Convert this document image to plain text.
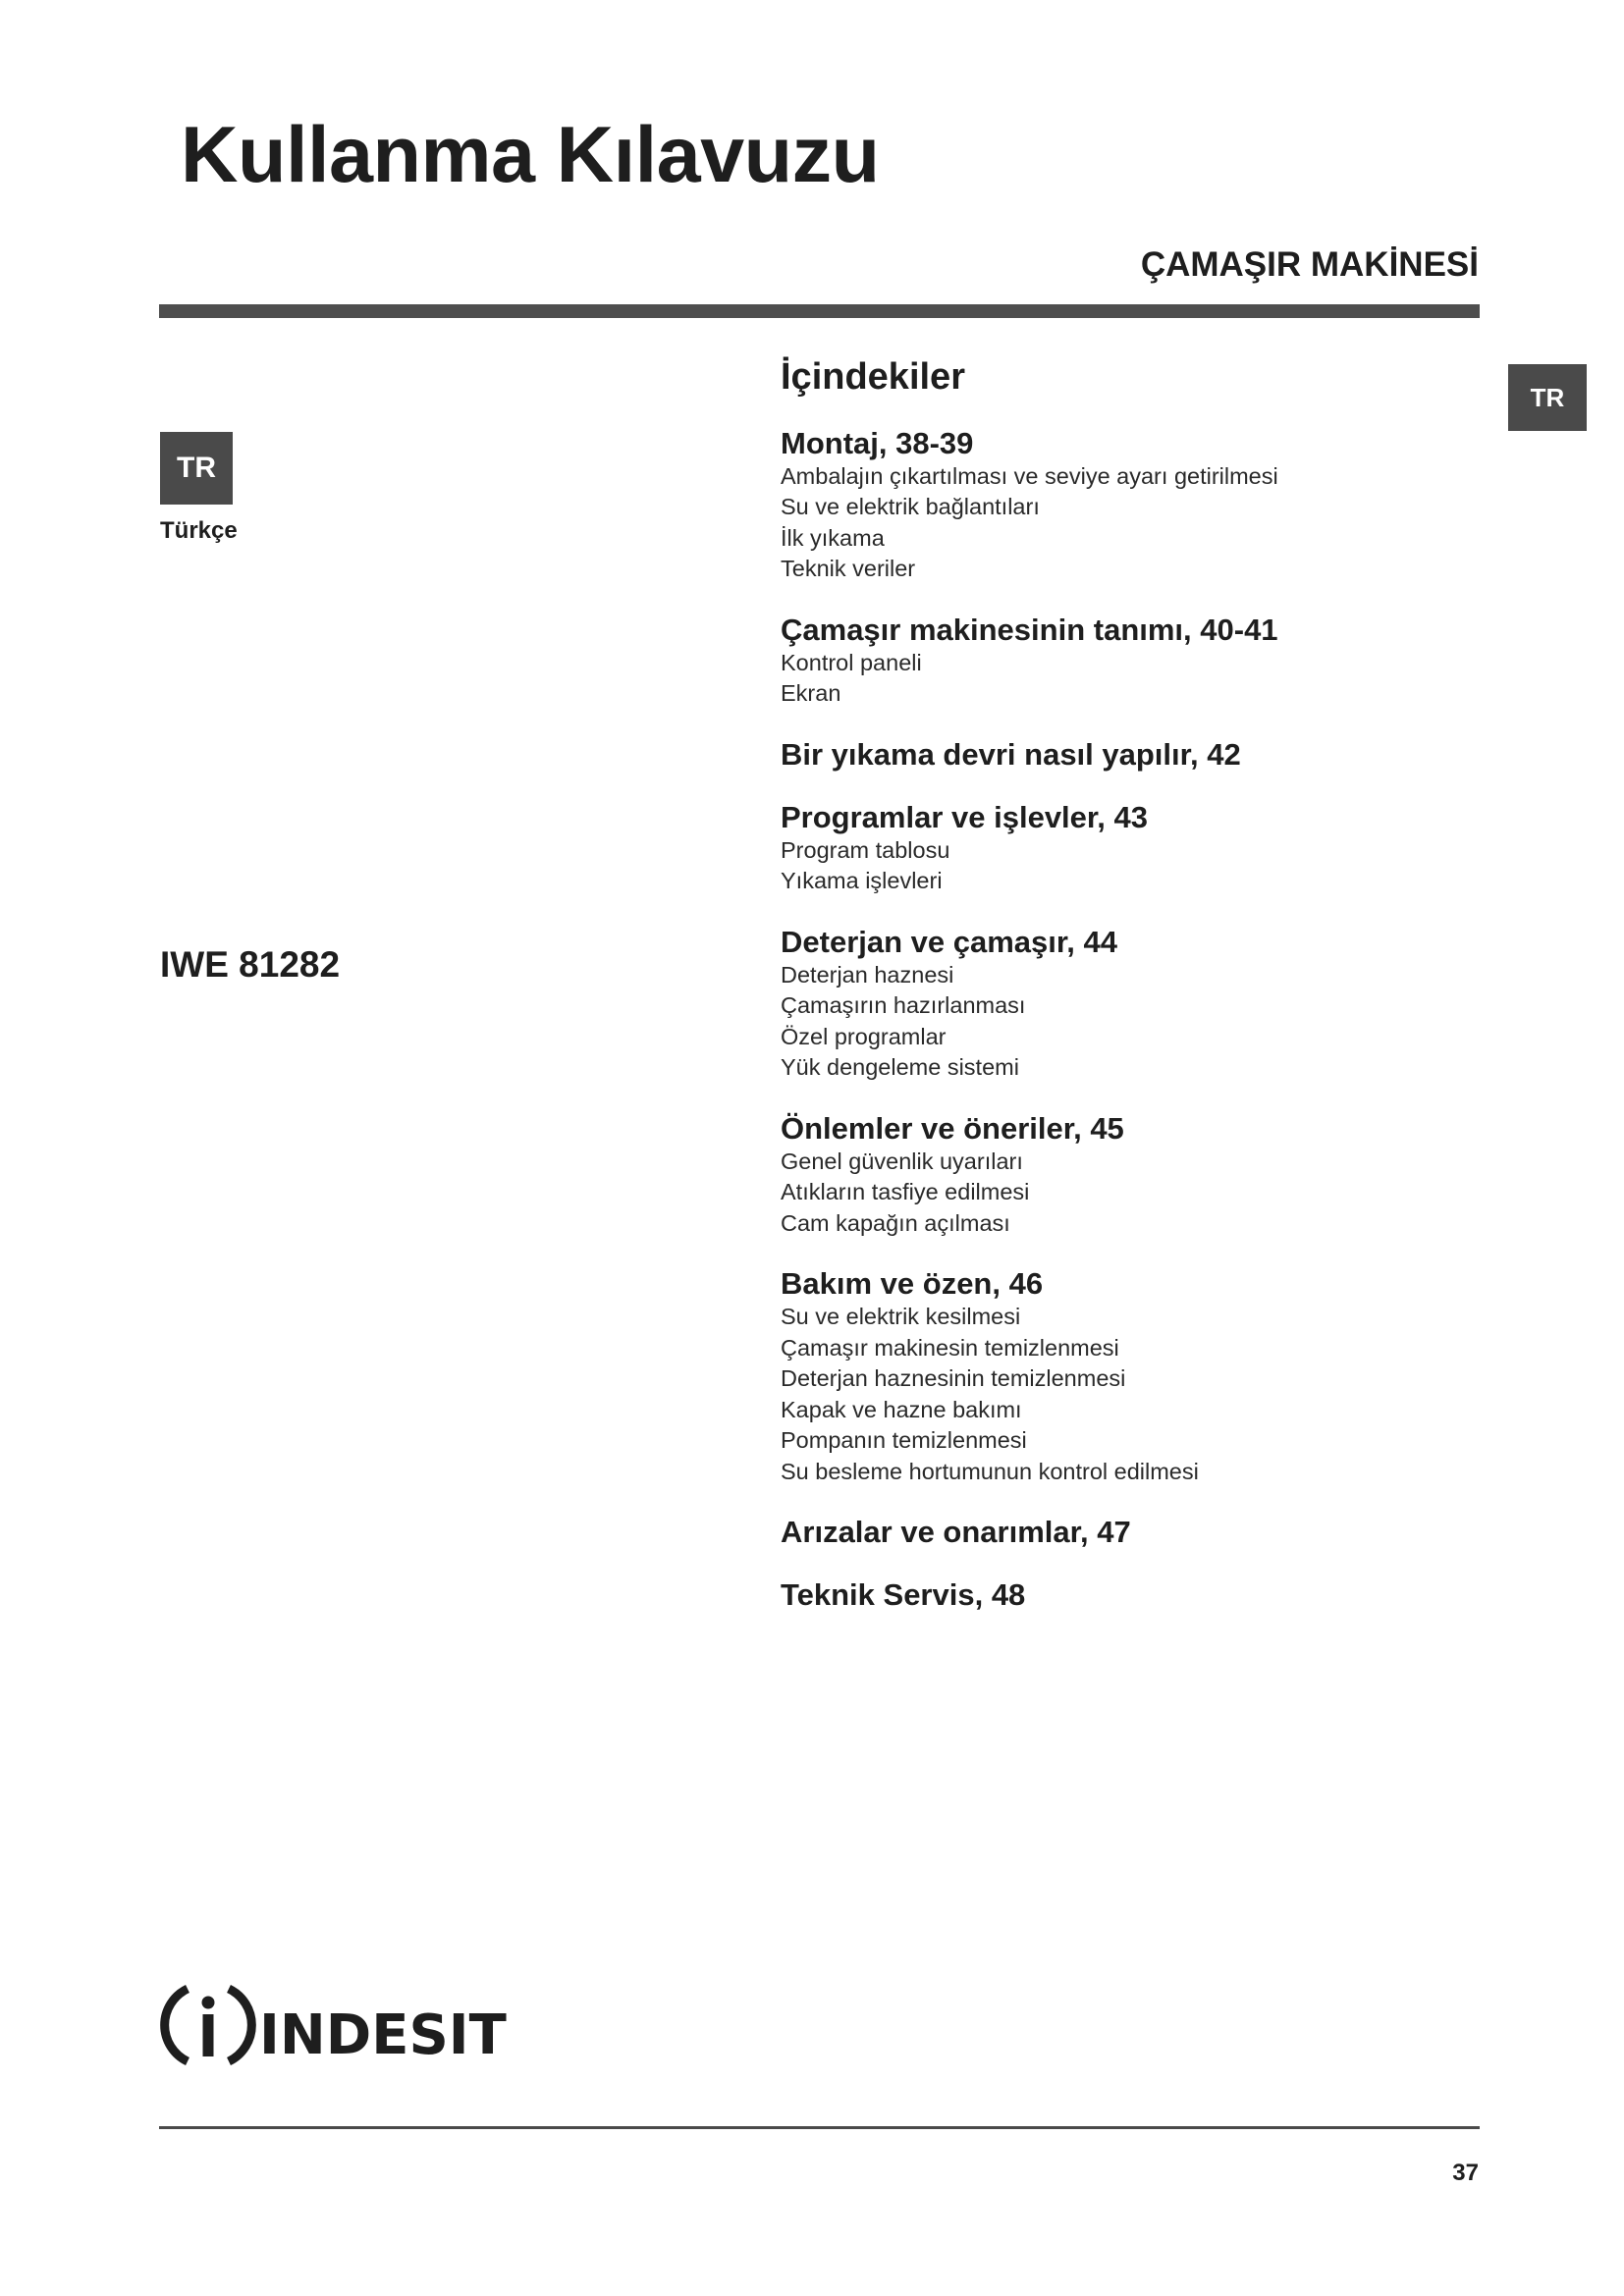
Kullanma Kılavuzu
ÇAMAŞIR MAKİNESİ
TR
Türkçe
TR
IWE 81282
İçindekiler
Montaj, 38-39
Ambalajın çıkartılması ve seviye ayarı getirilmesi
Su ve elektrik bağlantıları
İlk yıkama
Teknik veriler
Çamaşır makinesinin tanımı, 40-41
Kontrol paneli
Ekran
Bir yıkama devri nasıl yapılır, 42
Programlar ve işlevler, 43
Program tablosu
Yıkama işlevleri
Deterjan ve çamaşır, 44
Deterjan haznesi
Çamaşırın hazırlanması
Özel programlar
Yük dengeleme sistemi
Önlemler ve öneriler, 45
Genel güvenlik uyarıları
Atıkların tasfiye edilmesi
Cam kapağın açılması
Bakım ve özen, 46
Su ve elektrik kesilmesi
Çamaşır makinesin temizlenmesi
Deterjan haznesinin temizlenmesi
Kapak ve hazne bakımı
Pompanın temizlenmesi
Su besleme hortumunun kontrol edilmesi
Arızalar ve onarımlar, 47
Teknik Servis, 48
INDESIT
37
